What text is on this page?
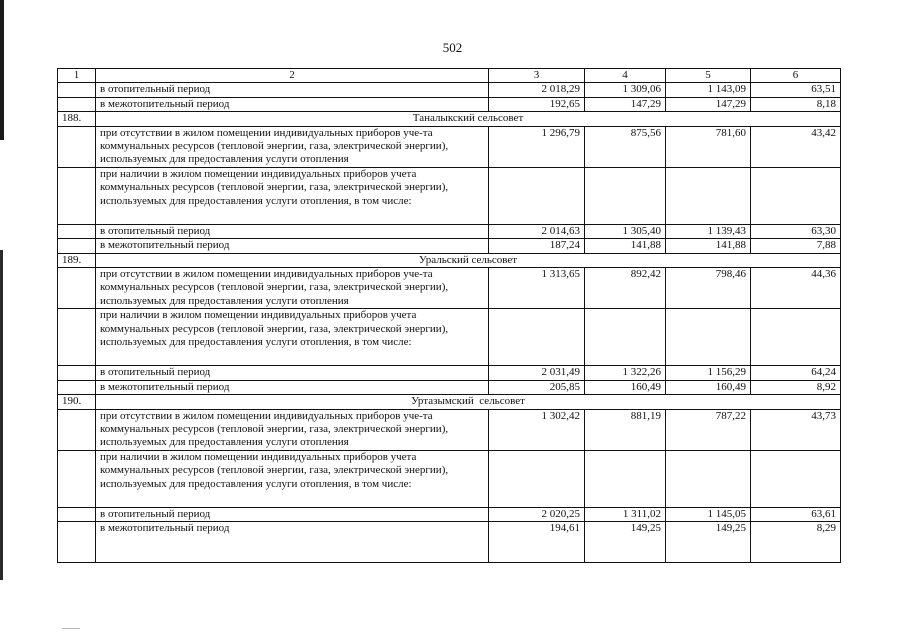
502
1	2	3	4	5	6
	в отопительный период	2 018,29	1 309,06	1 143,09	63,51
	в межотопительный период	192,65	147,29	147,29	8,18
188.	Таналыкский сельсовет				
	при отсутствии в жилом помещении индивидуальных приборов уче-та коммунальных ресурсов (тепловой энергии, газа, электрической энергии), используемых для предоставления услуги отопления	1 296,79	875,56	781,60	43,42
	при наличии в жилом помещении индивидуальных приборов учета коммунальных ресурсов (тепловой энергии, газа, электрической энергии), используемых для предоставления услуги отопления, в том числе:				
	в отопительный период	2 014,63	1 305,40	1 139,43	63,30
	в межотопительный период	187,24	141,88	141,88	7,88
189.	Уральский сельсовет				
	при отсутствии в жилом помещении индивидуальных приборов уче-та коммунальных ресурсов (тепловой энергии, газа, электрической энергии), используемых для предоставления услуги отопления	1 313,65	892,42	798,46	44,36
	при наличии в жилом помещении индивидуальных приборов учета коммунальных ресурсов (тепловой энергии, газа, электрической энергии), используемых для предоставления услуги отопления, в том числе:				
	в отопительный период	2 031,49	1 322,26	1 156,29	64,24
	в межотопительный период	205,85	160,49	160,49	8,92
190.	Уртазымский  сельсовет				
	при отсутствии в жилом помещении индивидуальных приборов уче-та коммунальных ресурсов (тепловой энергии, газа, электрической энергии), используемых для предоставления услуги отопления	1 302,42	881,19	787,22	43,73
	при наличии в жилом помещении индивидуальных приборов учета коммунальных ресурсов (тепловой энергии, газа, электрической энергии), используемых для предоставления услуги отопления, в том числе:				
	в отопительный период	2 020,25	1 311,02	1 145,05	63,61
	в межотопительный период	194,61	149,25	149,25	8,29
